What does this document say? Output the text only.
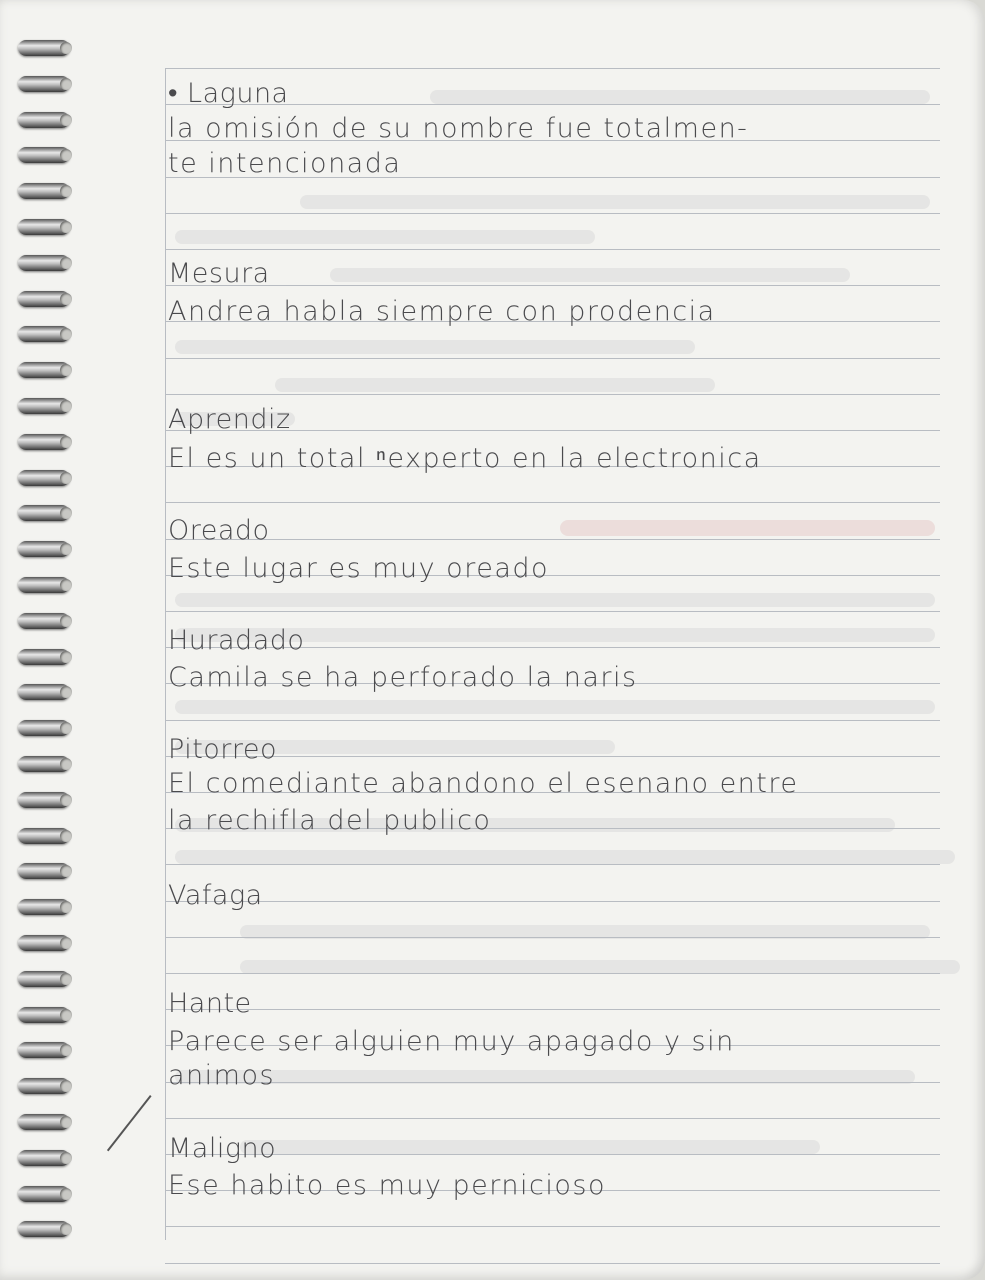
• Laguna
la omisión de su nombre fue totalmen-
te intencionada
Mesura
Andrea habla siempre con prodencia
Aprendiz
El es un total ⁿexperto en la electronica
Oreado
Este lugar es muy oreado
Huradado
Camila se ha perforado la naris
Pitorreo
El comediante abandono el esenano entre
la rechifla del publico
Vafaga
Hante
Parece ser alguien muy apagado y sin
animos
Maligno
Ese habito es muy pernicioso
